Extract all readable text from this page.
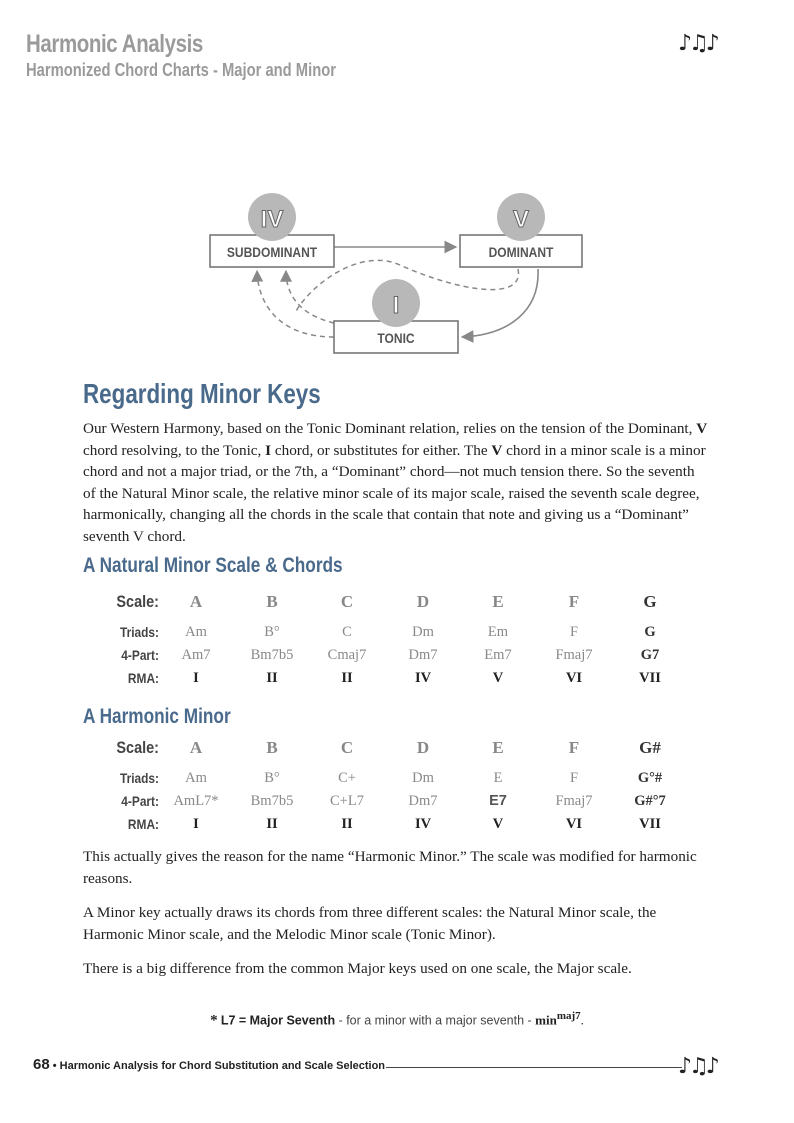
Harmonic Analysis
Harmonized Chord Charts - Major and Minor
♪♫♪
IV
SUBDOMINANT
V
DOMINANT
I
TONIC
Regarding Minor Keys

Our Western Harmony, based on the Tonic Dominant relation, relies on the tension of the Dominant, V chord resolving, to the Tonic, I chord, or substitutes for either. The V chord in a minor scale is a minor chord and not a major triad, or the 7th, a “Dominant” chord—not much tension there. So the seventh of the Natural Minor scale, the relative minor scale of its major scale, raised the seventh scale degree, harmonically, changing all the chords in the scale that contain that note and giving us a “Dominant” seventh V chord.

A Natural Minor Scale & Chords
Scale:	A	B	C	D	E	F	G
Triads:	Am	B°	C	Dm	Em	F	G
4-Part:	Am7	Bm7b5	Cmaj7	Dm7	Em7	Fmaj7	G7
RMA:	I	II	II	IV	V	VI	VII
A Harmonic Minor
Scale:	A	B	C	D	E	F	G#
Triads:	Am	B°	C+	Dm	E	F	G°#
4-Part: AmL7*	Bm7b5	C+L7	Dm7	E7	Fmaj7	G#°7
RMA:	I	II	II	IV	V	VI	VII

This actually gives the reason for the name “Harmonic Minor.” The scale was modified for harmonic reasons.

A Minor key actually draws its chords from three different scales: the Natural Minor scale, the Harmonic Minor scale, and the Melodic Minor scale (Tonic Minor).

There is a big difference from the common Major keys used on one scale, the Major scale.

* L7 = Major Seventh - for a minor with a major seventh - $\min^{maj7}$.
68 • Harmonic Analysis for Chord Substitution and Scale Selection	♪♫♪
